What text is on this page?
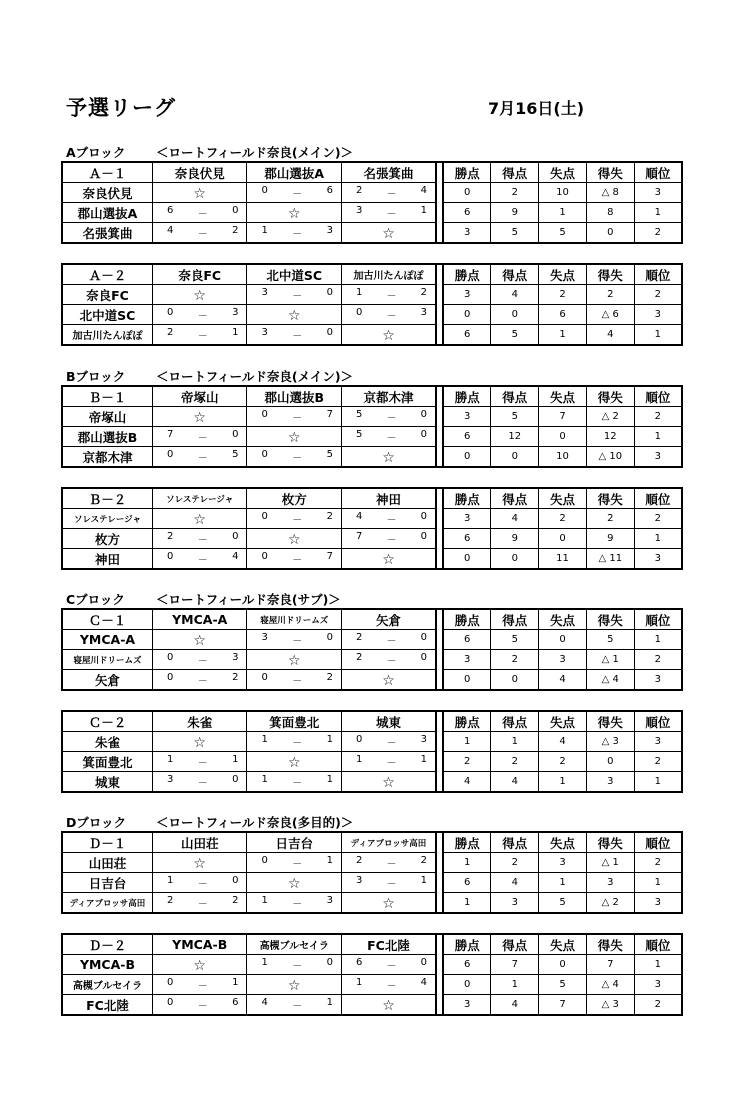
予選リーグ	7月16日(土)
Aブロック ＜ロートフィールド奈良(メイン)＞
Ａ－１	奈良伏見	郡山選抜A	名張箕曲		勝点	得点	失点	得失	順位
奈良伏見	☆	0 － 6	2 － 4		0	2	10	△ 8	3
郡山選抜A	6 － 0	☆	3 － 1		6	9	1	8	1
名張箕曲	4 － 2	1 － 3	☆		3	5	5	0	2
Ａ－２	奈良FC	北中道SC	加古川たんぽぽ		勝点	得点	失点	得失	順位
奈良FC	☆	3 － 0	1 － 2		3	4	2	2	2
北中道SC	0 － 3	☆	0 － 3		0	0	6	△ 6	3
加古川たんぽぽ	2 － 1	3 － 0	☆		6	5	1	4	1
Bブロック ＜ロートフィールド奈良(メイン)＞
Ｂ－１	帝塚山	郡山選抜B	京都木津		勝点	得点	失点	得失	順位
帝塚山	☆	0 － 7	5 － 0		3	5	7	△ 2	2
郡山選抜B	7 － 0	☆	5 － 0		6	12	0	12	1
京都木津	0 － 5	0 － 5	☆		0	0	10	△ 10	3
Ｂ－２	ソレステレージャ	枚方	神田		勝点	得点	失点	得失	順位
ソレステレージャ	☆	0 － 2	4 － 0		3	4	2	2	2
枚方	2 － 0	☆	7 － 0		6	9	0	9	1
神田	0 － 4	0 － 7	☆		0	0	11	△ 11	3
Cブロック ＜ロートフィールド奈良(サブ)＞
Ｃ－１	YMCA-A	寝屋川ドリームズ	矢倉		勝点	得点	失点	得失	順位
YMCA-A	☆	3 － 0	2 － 0		6	5	0	5	1
寝屋川ドリームズ	0 － 3	☆	2 － 0		3	2	3	△ 1	2
矢倉	0 － 2	0 － 2	☆		0	0	4	△ 4	3
Ｃ－２	朱雀	箕面豊北	城東		勝点	得点	失点	得失	順位
朱雀	☆	1 － 1	0 － 3		1	1	4	△ 3	3
箕面豊北	1 － 1	☆	1 － 1		2	2	2	0	2
城東	3 － 0	1 － 1	☆		4	4	1	3	1
Dブロック ＜ロートフィールド奈良(多目的)＞
Ｄ－１	山田荘	日吉台	ディアブロッサ高田		勝点	得点	失点	得失	順位
山田荘	☆	0 － 1	2 － 2		1	2	3	△ 1	2
日吉台	1 － 0	☆	3 － 1		6	4	1	3	1
ディアブロッサ高田	2 － 2	1 － 3	☆		1	3	5	△ 2	3
Ｄ－２	YMCA-B	高槻ブルセイラ	FC北陸		勝点	得点	失点	得失	順位
YMCA-B	☆	1 － 0	6 － 0		6	7	0	7	1
高槻ブルセイラ	0 － 1	☆	1 － 4		0	1	5	△ 4	3
FC北陸	0 － 6	4 － 1	☆		3	4	7	△ 3	2
